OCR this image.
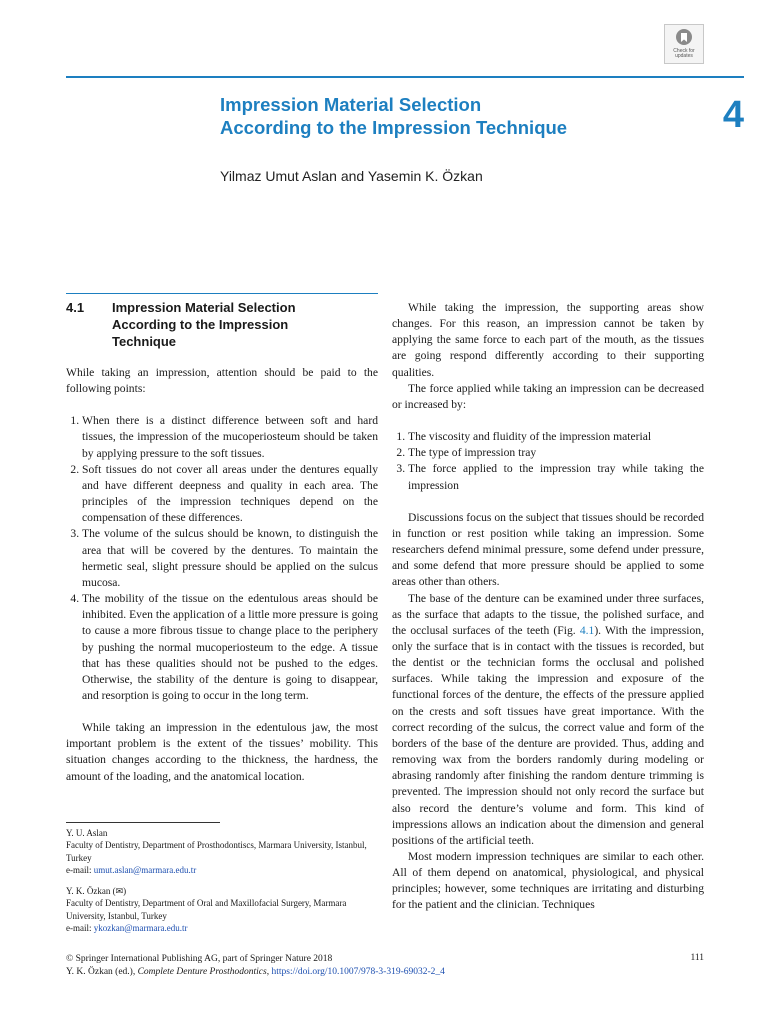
Check for
updates
Impression Material Selection
According to the Impression Technique	4
Yilmaz Umut Aslan and Yasemin K. Özkan
4.1 Impression Material Selection
According to the Impression
Technique

While taking an impression, attention should be paid to the following points:

1. When there is a distinct difference between soft and hard tissues, the impression of the mucoperiosteum should be taken by applying pressure to the soft tissues.
2. Soft tissues do not cover all areas under the dentures equally and have different deepness and quality in each area. The principles of the impression techniques depend on the compensation of these differences.
3. The volume of the sulcus should be known, to distinguish the area that will be covered by the dentures. To maintain the hermetic seal, slight pressure should be applied on the sulcus mucosa.
4. The mobility of the tissue on the edentulous areas should be inhibited. Even the application of a little more pressure is going to cause a more fibrous tissue to change place to the periphery by pushing the normal mucoperiosteum to the edge. A tissue that has these qualities should not be pushed to the edges. Otherwise, the stability of the denture is going to disappear, and resorption is going to occur in the long term.

While taking an impression in the edentulous jaw, the most important problem is the extent of the tissues’ mobility. This situation changes according to the thickness, the hardness, the amount of the loading, and the anatomical location.

Y. U. Aslan
Faculty of Dentistry, Department of Prosthodontiscs, Marmara University, Istanbul, Turkey
e-mail: umut.aslan@marmara.edu.tr
Y. K. Özkan (✉)
Faculty of Dentistry, Department of Oral and Maxillofacial Surgery, Marmara University, Istanbul, Turkey
e-mail: ykozkan@marmara.edu.tr

While taking the impression, the supporting areas show changes. For this reason, an impression cannot be taken by applying the same force to each part of the mouth, as the tissues are going respond differently according to their supporting qualities.

The force applied while taking an impression can be decreased or increased by:

1. The viscosity and fluidity of the impression material
2. The type of impression tray
3. The force applied to the impression tray while taking the impression

Discussions focus on the subject that tissues should be recorded in function or rest position while taking an impression. Some researchers defend minimal pressure, some defend under pressure, and some defend that more pressure should be applied to some areas other than others.

The base of the denture can be examined under three surfaces, as the surface that adapts to the tissue, the polished surface, and the occlusal surfaces of the teeth (Fig. 4.1). With the impression, only the surface that is in contact with the tissues is recorded, but the dentist or the technician forms the occlusal and polished surfaces. While taking the impression and exposure of the functional forces of the denture, the effects of the pressure applied on the crests and soft tissues have great importance. With the correct recording of the sulcus, the correct value and form of the borders of the base of the denture are provided. Thus, adding and removing wax from the borders randomly during modeling or abrasing randomly after finishing the random denture trimming is prevented. The impression should not only record the surface but also record the denture’s volume and form. This kind of impressions allows an indication about the dimension and general positions of the artificial teeth.

Most modern impression techniques are similar to each other. All of them depend on anatomical, physiological, and physical principles; however, some techniques are irritating and disturbing for the patient and the clinician. Techniques

© Springer International Publishing AG, part of Springer Nature 2018
Y. K. Özkan (ed.), Complete Denture Prosthodontics, https://doi.org/10.1007/978-3-319-69032-2_4
111
